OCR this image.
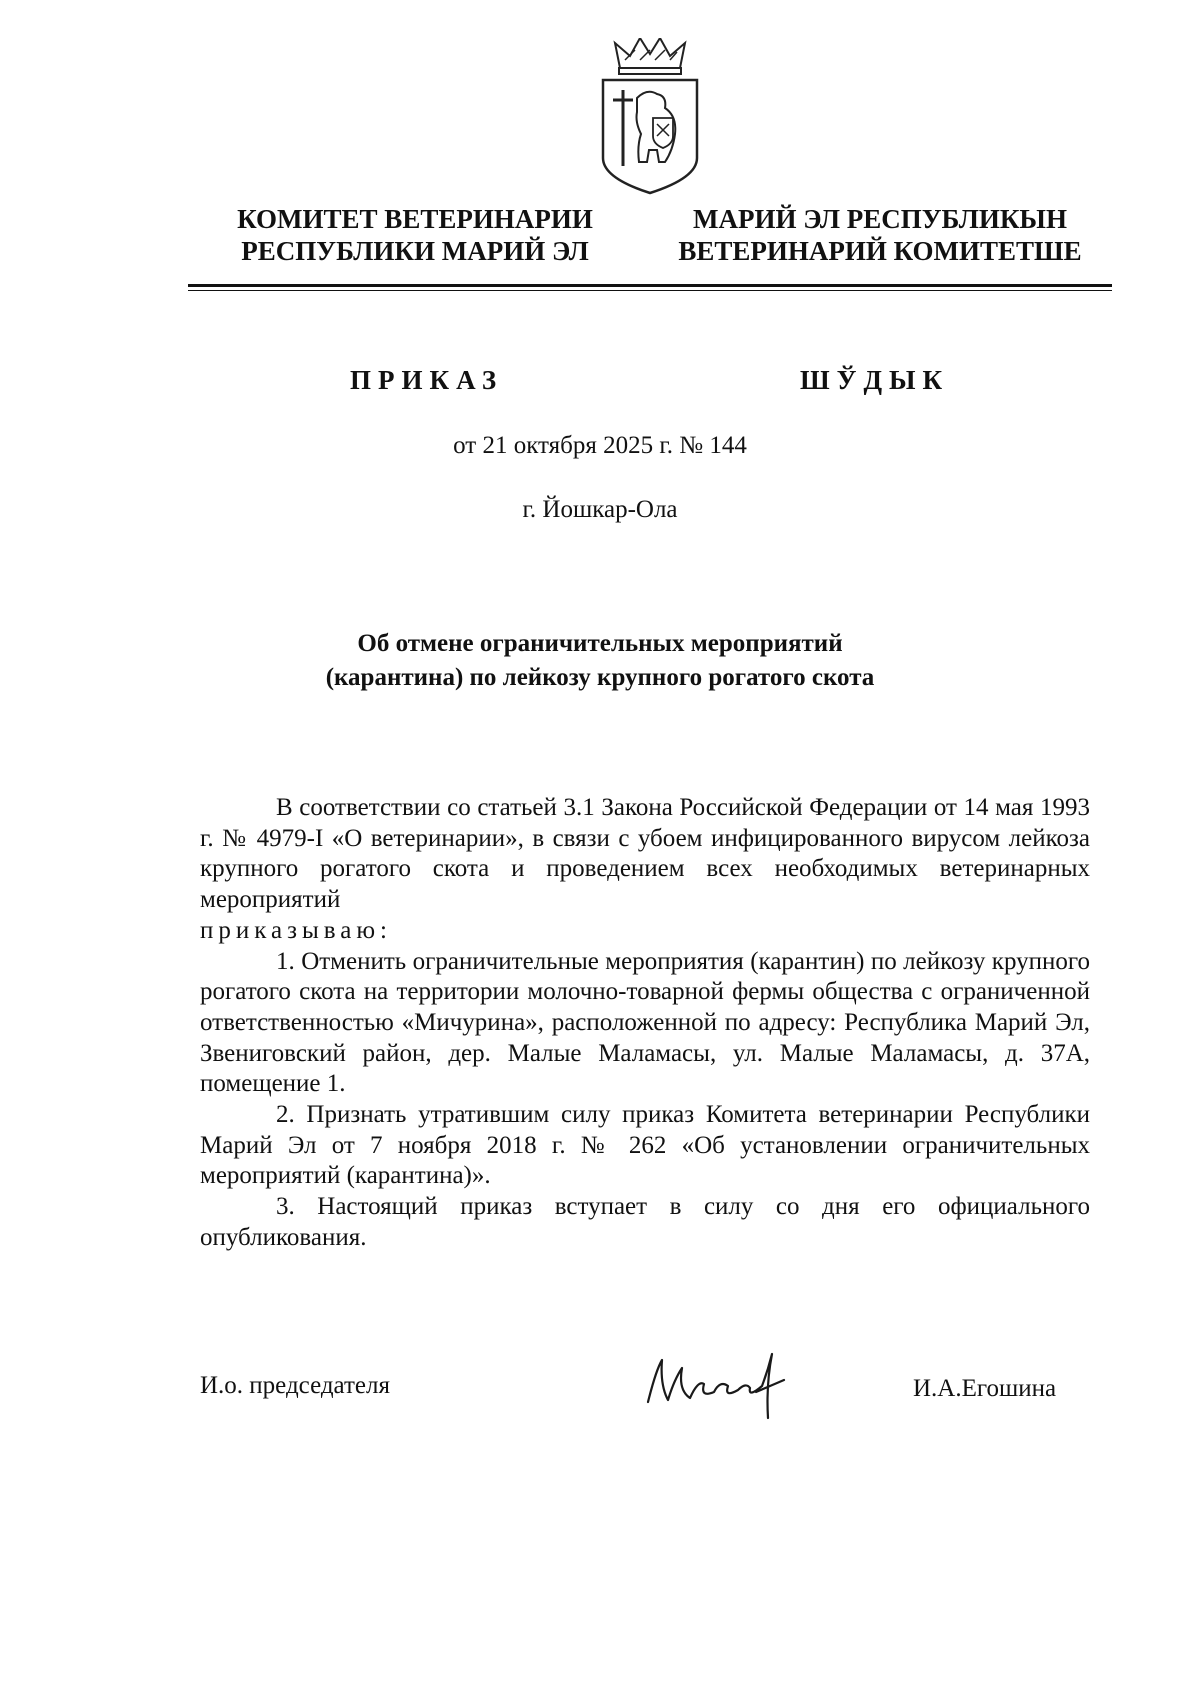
КОМИТЕТ ВЕТЕРИНАРИИ
РЕСПУБЛИКИ МАРИЙ ЭЛ
МАРИЙ ЭЛ РЕСПУБЛИКЫН
ВЕТЕРИНАРИЙ КОМИТЕТШЕ
ПРИКАЗ	ШЎДЫК
от 21 октября 2025 г. № 144
г. Йошкар-Ола
Об отмене ограничительных мероприятий
(карантина) по лейкозу крупного рогатого скота

В соответствии со статьей 3.1 Закона Российской Федерации от 14 мая 1993 г. № 4979-I «О ветеринарии», в связи с убоем инфицированного вирусом лейкоза крупного рогатого скота и проведением всех необходимых ветеринарных мероприятий
приказываю:

1. Отменить ограничительные мероприятия (карантин) по лейкозу крупного рогатого скота на территории молочно-товарной фермы общества с ограниченной ответственностью «Мичурина», расположенной по адресу: Республика Марий Эл, Звениговский район, дер. Малые Маламасы, ул. Малые Маламасы, д. 37А, помещение 1.

2. Признать утратившим силу приказ Комитета ветеринарии Республики Марий Эл от 7 ноября 2018 г. № 262 «Об установлении ограничительных мероприятий (карантина)».

3. Настоящий приказ вступает в силу со дня его официального опубликования.

И.о. председателя	И.А.Егошина
